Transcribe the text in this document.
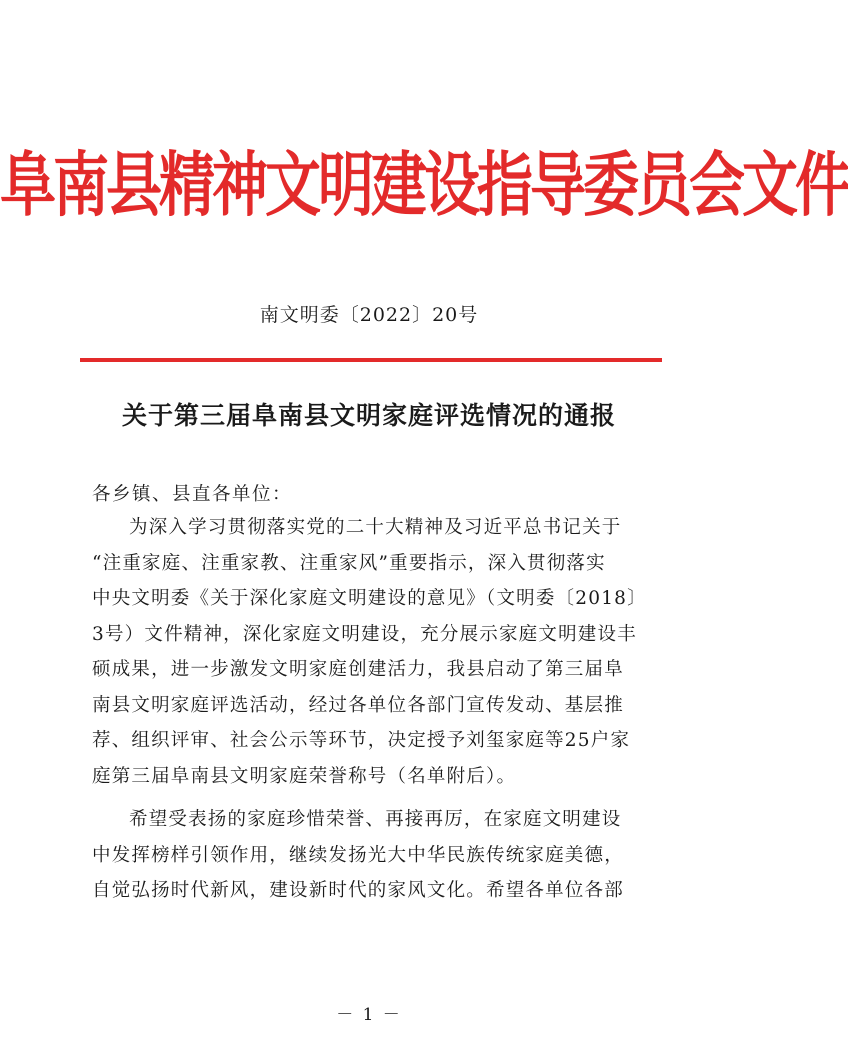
阜南县精神文明建设指导委员会文件
南文明委〔2022〕20号
关于第三届阜南县文明家庭评选情况的通报
各乡镇、县直各单位：
为深入学习贯彻落实党的二十大精神及习近平总书记关于
“注重家庭、注重家教、注重家风”重要指示，深入贯彻落实
中央文明委《关于深化家庭文明建设的意见》（文明委〔2018〕
3号）文件精神，深化家庭文明建设，充分展示家庭文明建设丰
硕成果，进一步激发文明家庭创建活力，我县启动了第三届阜
南县文明家庭评选活动，经过各单位各部门宣传发动、基层推
荐、组织评审、社会公示等环节，决定授予刘玺家庭等25户家
庭第三届阜南县文明家庭荣誉称号（名单附后）。
希望受表扬的家庭珍惜荣誉、再接再厉，在家庭文明建设
中发挥榜样引领作用，继续发扬光大中华民族传统家庭美德，
自觉弘扬时代新风，建设新时代的家风文化。希望各单位各部
－ 1 －
